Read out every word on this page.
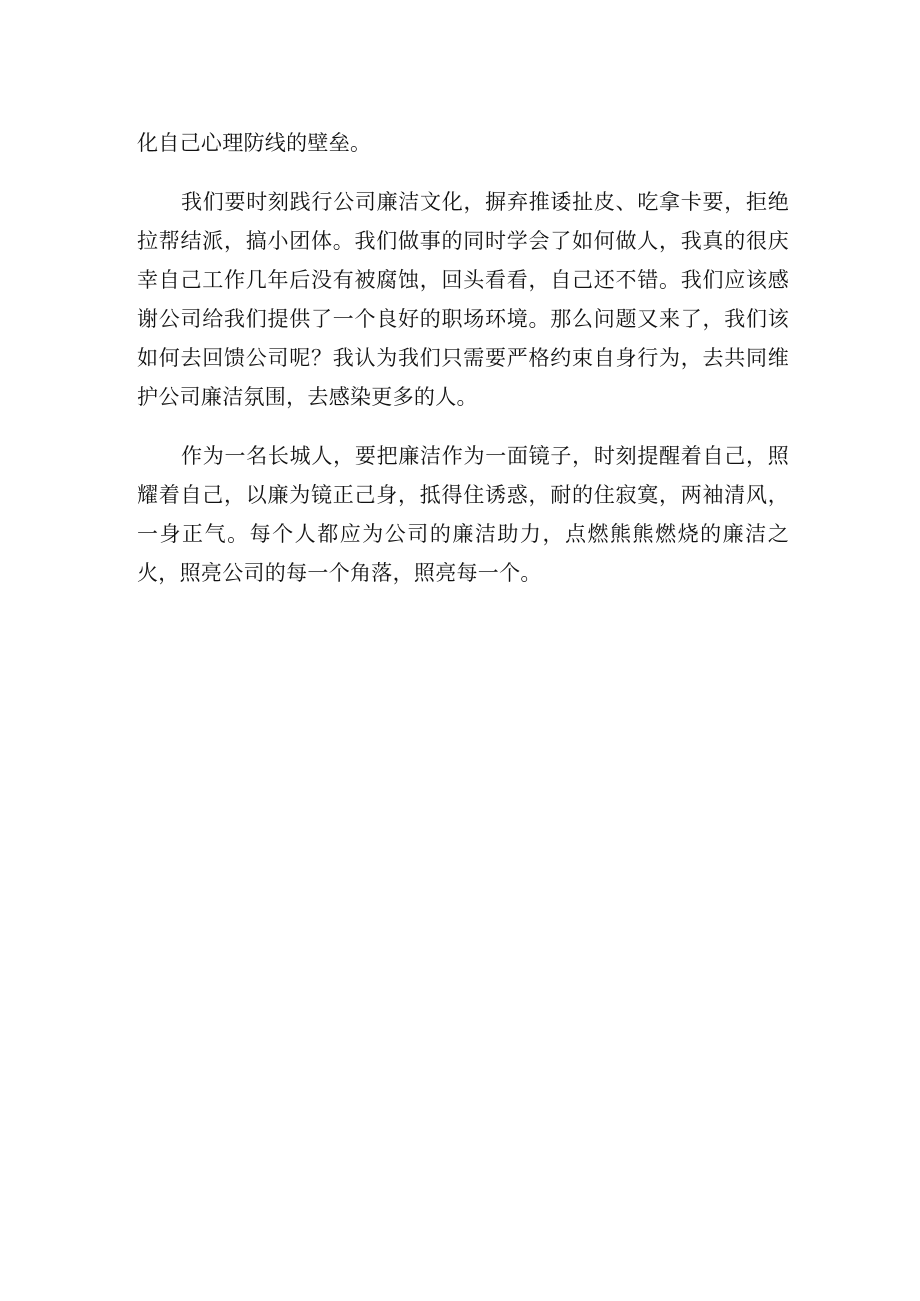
化自己心理防线的壁垒。

我们要时刻践行公司廉洁文化，摒弃推诿扯皮、吃拿卡要，拒绝拉帮结派，搞小团体。我们做事的同时学会了如何做人，我真的很庆幸自己工作几年后没有被腐蚀，回头看看，自己还不错。我们应该感谢公司给我们提供了一个良好的职场环境。那么问题又来了，我们该如何去回馈公司呢？我认为我们只需要严格约束自身行为，去共同维护公司廉洁氛围，去感染更多的人。

作为一名长城人，要把廉洁作为一面镜子，时刻提醒着自己，照耀着自己，以廉为镜正己身，抵得住诱惑，耐的住寂寞，两袖清风，一身正气。每个人都应为公司的廉洁助力，点燃熊熊燃烧的廉洁之火，照亮公司的每一个角落，照亮每一个。
